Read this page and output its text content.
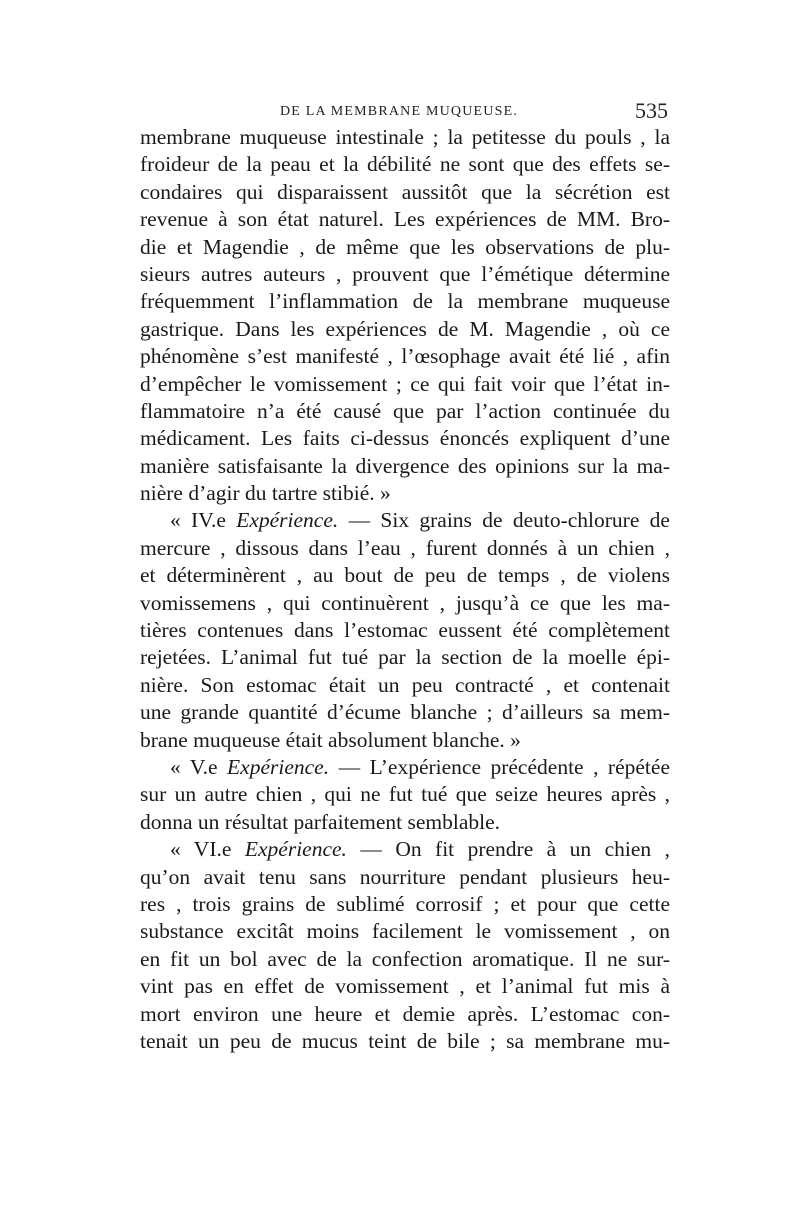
DE LA MEMBRANE MUQUEUSE.	535
membrane muqueuse intestinale ; la petitesse du pouls , la
froideur de la peau et la débilité ne sont que des effets se-
condaires qui disparaissent aussitôt que la sécrétion est
revenue à son état naturel. Les expériences de MM. Bro-
die et Magendie , de même que les observations de plu-
sieurs autres auteurs , prouvent que l’émétique détermine
fréquemment l’inflammation de la membrane muqueuse
gastrique. Dans les expériences de M. Magendie , où ce
phénomène s’est manifesté , l’œsophage avait été lié , afin
d’empêcher le vomissement ; ce qui fait voir que l’état in-
flammatoire n’a été causé que par l’action continuée du
médicament. Les faits ci-dessus énoncés expliquent d’une
manière satisfaisante la divergence des opinions sur la ma-
nière d’agir du tartre stibié. »
« IV.e Expérience. — Six grains de deuto-chlorure de
mercure , dissous dans l’eau , furent donnés à un chien ,
et déterminèrent , au bout de peu de temps , de violens
vomissemens , qui continuèrent , jusqu’à ce que les ma-
tières contenues dans l’estomac eussent été complètement
rejetées. L’animal fut tué par la section de la moelle épi-
nière. Son estomac était un peu contracté , et contenait
une grande quantité d’écume blanche ; d’ailleurs sa mem-
brane muqueuse était absolument blanche. »
« V.e Expérience. — L’expérience précédente , répétée
sur un autre chien , qui ne fut tué que seize heures après ,
donna un résultat parfaitement semblable.
« VI.e Expérience. — On fit prendre à un chien ,
qu’on avait tenu sans nourriture pendant plusieurs heu-
res , trois grains de sublimé corrosif ; et pour que cette
substance excitât moins facilement le vomissement , on
en fit un bol avec de la confection aromatique. Il ne sur-
vint pas en effet de vomissement , et l’animal fut mis à
mort environ une heure et demie après. L’estomac con-
tenait un peu de mucus teint de bile ; sa membrane mu-
